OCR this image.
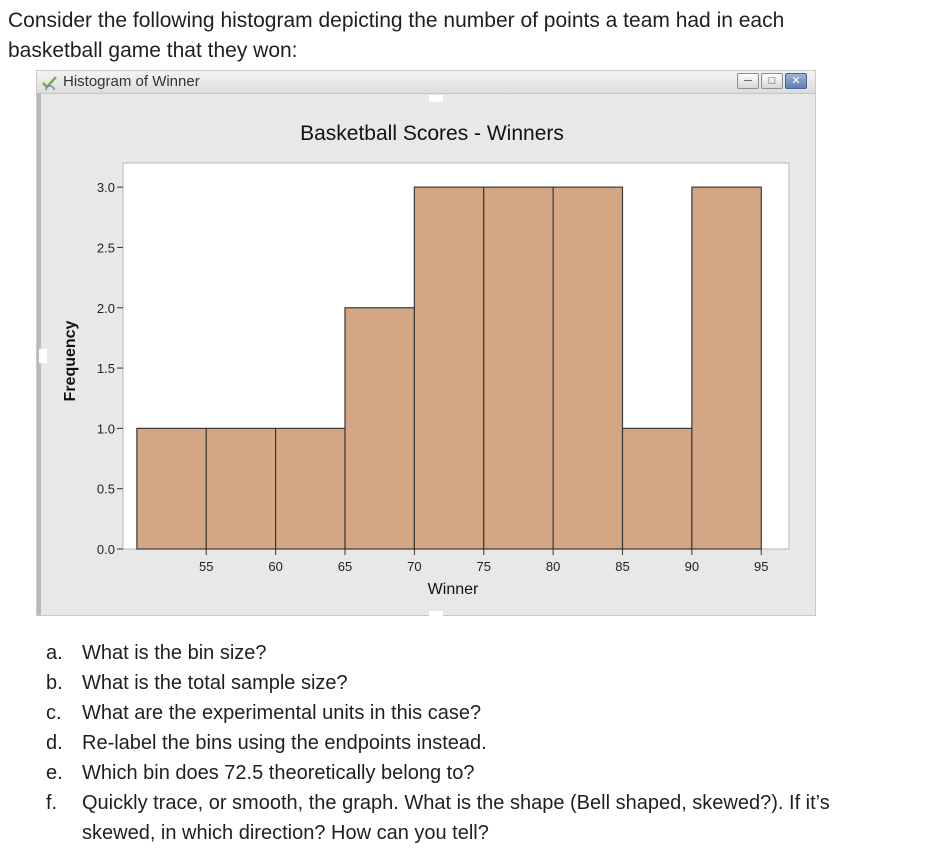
Consider the following histogram depicting the number of points a team had in each
basketball game that they won:
Histogram of Winner	─	□	✕
Basketball Scores - Winners
0.0
0.5
1.0
1.5
2.0
2.5
3.0
55	60	65	70	75	80	85	90	95
Winner
Frequency
a. What is the bin size?
b. What is the total sample size?
c. What are the experimental units in this case?
d. Re-label the bins using the endpoints instead.
e. Which bin does 72.5 theoretically belong to?
f. Quickly trace, or smooth, the graph. What is the shape (Bell shaped, skewed?). If it’s skewed, in which direction? How can you tell?
